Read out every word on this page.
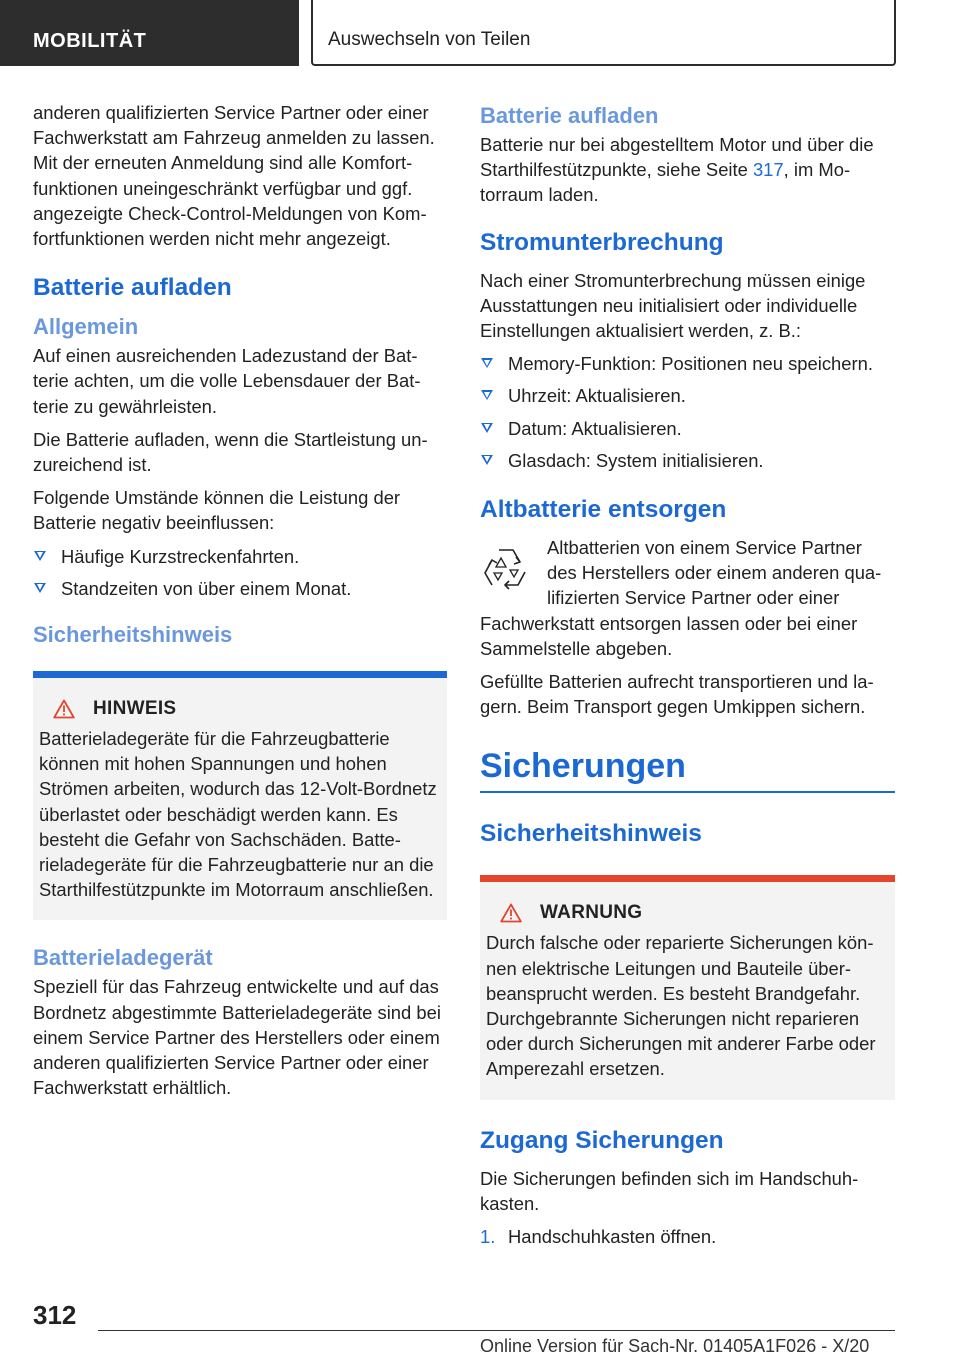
MOBILITÄT	Auswechseln von Teilen

anderen qualifizierten Service Partner oder einer Fachwerkstatt am Fahrzeug anmelden zu lassen. Mit der erneuten Anmeldung sind alle Komfortfunktionen uneingeschränkt verfügbar und ggf. angezeigte Check-Control-Meldungen von Komfortfunktionen werden nicht mehr angezeigt.

Batterie aufladen
Allgemein

Auf einen ausreichenden Ladezustand der Batterie achten, um die volle Lebensdauer der Batterie zu gewährleisten.

Die Batterie aufladen, wenn die Startleistung unzureichend ist.

Folgende Umstände können die Leistung der Batterie negativ beeinflussen:

Häufige Kurzstreckenfahrten.
Standzeiten von über einem Monat.
Sicherheitshinweis
HINWEIS

Batterieladegeräte für die Fahrzeugbatterie können mit hohen Spannungen und hohen Strömen arbeiten, wodurch das 12-Volt-Bordnetz überlastet oder beschädigt werden kann. Es besteht die Gefahr von Sachschäden. Batterieladegeräte für die Fahrzeugbatterie nur an die Starthilfestützpunkte im Motorraum anschließen.

Batterieladegerät

Speziell für das Fahrzeug entwickelte und auf das Bordnetz abgestimmte Batterieladegeräte sind bei einem Service Partner des Herstellers oder einem anderen qualifizierten Service Partner oder einer Fachwerkstatt erhältlich.

Batterie aufladen

Batterie nur bei abgestelltem Motor und über die Starthilfestützpunkte, siehe Seite 317, im Motorraum laden.

Stromunterbrechung

Nach einer Stromunterbrechung müssen einige Ausstattungen neu initialisiert oder individuelle Einstellungen aktualisiert werden, z. B.:

Memory-Funktion: Positionen neu speichern.
Uhrzeit: Aktualisieren.
Datum: Aktualisieren.
Glasdach: System initialisieren.
Altbatterie entsorgen

Altbatterien von einem Service Partner des Herstellers oder einem anderen qualifizierten Service Partner oder einer

Fachwerkstatt entsorgen lassen oder bei einer Sammelstelle abgeben.

Gefüllte Batterien aufrecht transportieren und lagern. Beim Transport gegen Umkippen sichern.

Sicherungen
Sicherheitshinweis
WARNUNG

Durch falsche oder reparierte Sicherungen können elektrische Leitungen und Bauteile überbeansprucht werden. Es besteht Brandgefahr. Durchgebrannte Sicherungen nicht reparieren oder durch Sicherungen mit anderer Farbe oder Amperezahl ersetzen.

Zugang Sicherungen

Die Sicherungen befinden sich im Handschuhkasten.

1. Handschuhkasten öffnen.
312
Online Version für Sach-Nr. 01405A1F026 - X/20
